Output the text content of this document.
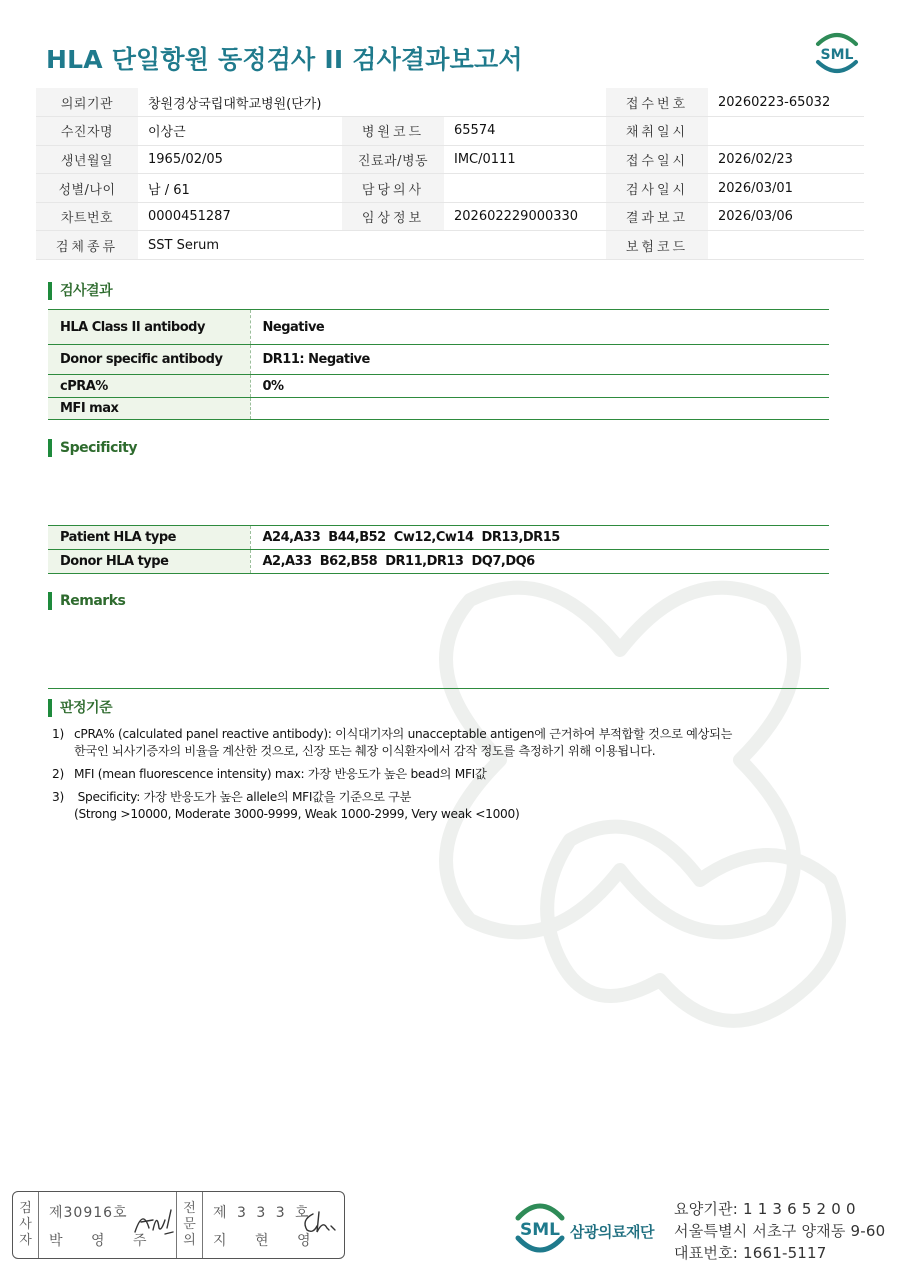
HLA 단일항원 동정검사 II 검사결과보고서	SML
의뢰기관	창원경상국립대학교병원(단가)			접수번호	20260223-65032
수진자명	이상근	병원코드	65574	채취일시	
생년월일	1965/02/05	진료과/병동	IMC/0111	접수일시	2026/02/23
성별/나이	남 / 61	담당의사		검사일시	2026/03/01
차트번호	0000451287	임상정보	202602229000330	결과보고	2026/03/06
검체종류	SST Serum			보험코드	
검사결과
HLA Class II antibody	Negative
Donor specific antibody	DR11: Negative
cPRA%	0%
MFI max	
Specificity
Patient HLA type	A24,A33  B44,B52  Cw12,Cw14  DR13,DR15
Donor HLA type	A2,A33  B62,B58  DR11,DR13  DQ7,DQ6
Remarks
판정기준
1) cPRA% (calculated panel reactive antibody): 이식대기자의 unacceptable antigen에 근거하여 부적합할 것으로 예상되는
한국인 뇌사기증자의 비율을 계산한 것으로, 신장 또는 췌장 이식환자에서 감작 정도를 측정하기 위해 이용됩니다.
2) MFI (mean fluorescence intensity) max: 가장 반응도가 높은 bead의 MFI값
3) Specificity: 가장 반응도가 높은 allele의 MFI값을 기준으로 구분
(Strong >10000, Moderate 3000-9999, Weak 1000-2999, Very weak <1000)
검
사
자
제30916호
박 영 주
전
문
의
제 3 3 3 호
지 현 영
SML 삼광의료재단
요양기관: 1 1 3 6 5 2 0 0
서울특별시 서초구 양재동 9-60
대표번호: 1661-5117
